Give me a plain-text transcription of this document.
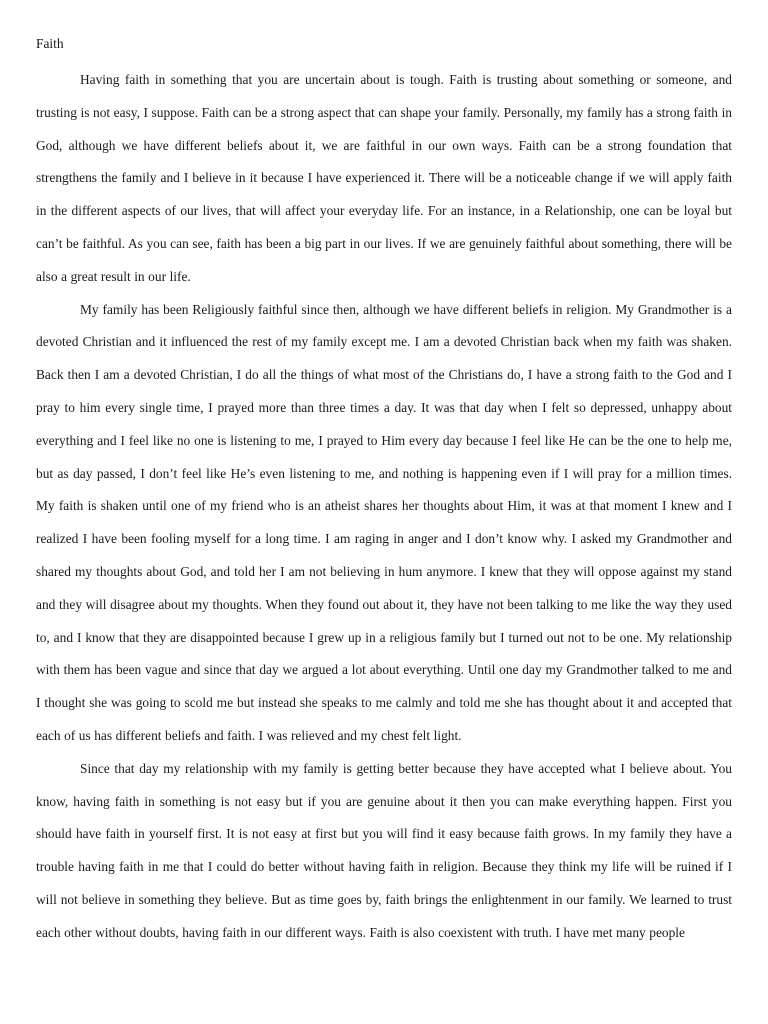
Faith

Having faith in something that you are uncertain about is tough. Faith is trusting about something or someone, and trusting is not easy, I suppose. Faith can be a strong aspect that can shape your family. Personally, my family has a strong faith in God, although we have different beliefs about it, we are faithful in our own ways. Faith can be a strong foundation that strengthens the family and I believe in it because I have experienced it. There will be a noticeable change if we will apply faith in the different aspects of our lives, that will affect your everyday life. For an instance, in a Relationship, one can be loyal but can’t be faithful. As you can see, faith has been a big part in our lives. If we are genuinely faithful about something, there will be also a great result in our life.

My family has been Religiously faithful since then, although we have different beliefs in religion. My Grandmother is a devoted Christian and it influenced the rest of my family except me. I am a devoted Christian back when my faith was shaken. Back then I am a devoted Christian, I do all the things of what most of the Christians do, I have a strong faith to the God and I pray to him every single time, I prayed more than three times a day. It was that day when I felt so depressed, unhappy about everything and I feel like no one is listening to me, I prayed to Him every day because I feel like He can be the one to help me, but as day passed, I don’t feel like He’s even listening to me, and nothing is happening even if I will pray for a million times. My faith is shaken until one of my friend who is an atheist shares her thoughts about Him, it was at that moment I knew and I realized I have been fooling myself for a long time. I am raging in anger and I don’t know why. I asked my Grandmother and shared my thoughts about God, and told her I am not believing in hum anymore. I knew that they will oppose against my stand and they will disagree about my thoughts. When they found out about it, they have not been talking to me like the way they used to, and I know that they are disappointed because I grew up in a religious family but I turned out not to be one. My relationship with them has been vague and since that day we argued a lot about everything. Until one day my Grandmother talked to me and I thought she was going to scold me but instead she speaks to me calmly and told me she has thought about it and accepted that each of us has different beliefs and faith. I was relieved and my chest felt light.

Since that day my relationship with my family is getting better because they have accepted what I believe about. You know, having faith in something is not easy but if you are genuine about it then you can make everything happen. First you should have faith in yourself first. It is not easy at first but you will find it easy because faith grows. In my family they have a trouble having faith in me that I could do better without having faith in religion. Because they think my life will be ruined if I will not believe in something they believe. But as time goes by, faith brings the enlightenment in our family. We learned to trust each other without doubts, having faith in our different ways. Faith is also coexistent with truth. I have met many people
